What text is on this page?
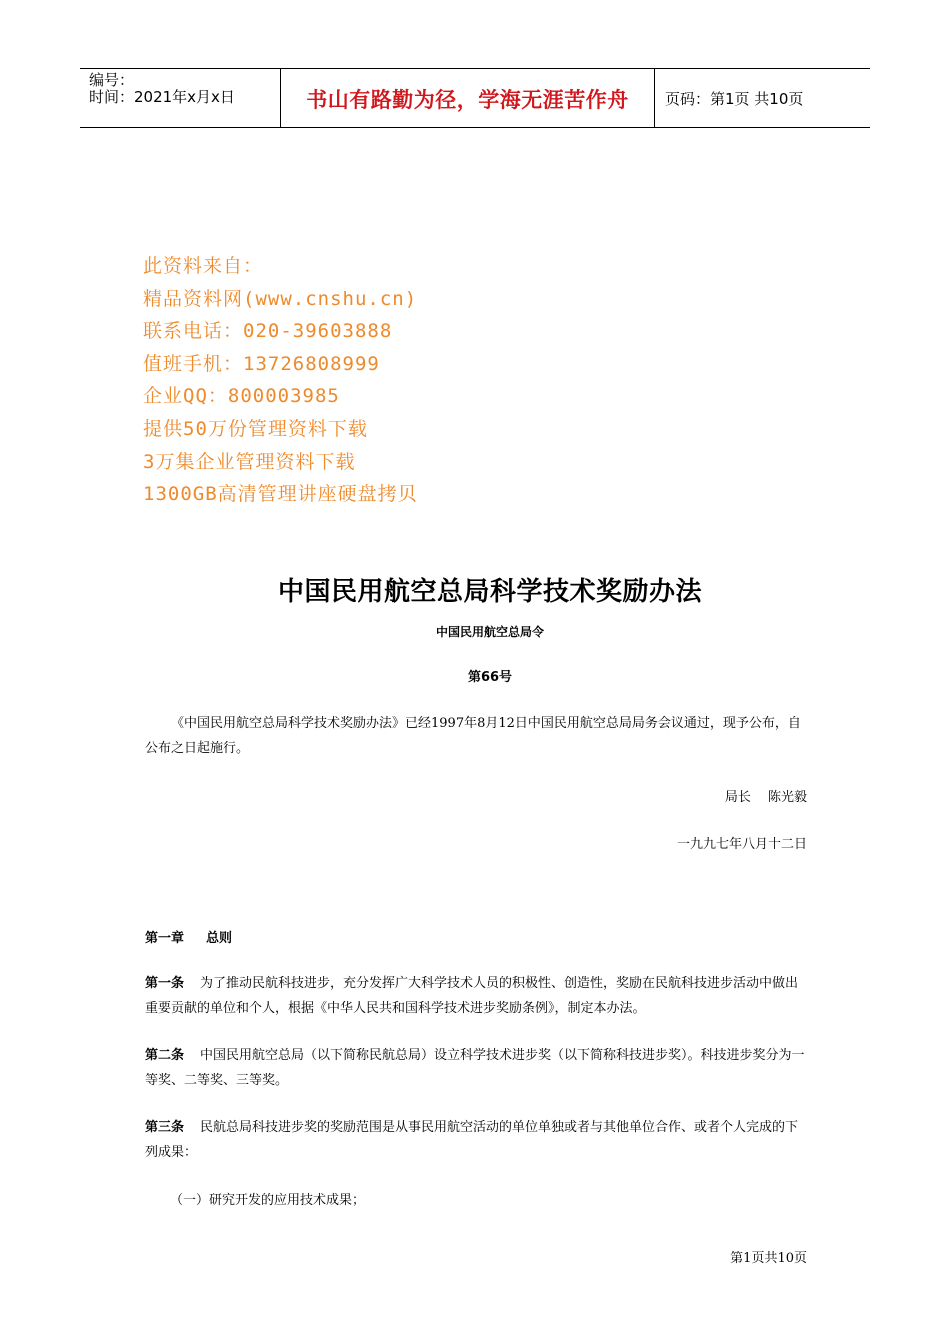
编号：
时间：2021年x月x日	书山有路勤为径，学海无涯苦作舟	页码：第1页 共10页
此资料来自：
精品资料网(www.cnshu.cn)
联系电话：020-39603888
值班手机：13726808999
企业QQ：800003985
提供50万份管理资料下载
3万集企业管理资料下载
1300GB高清管理讲座硬盘拷贝
中国民用航空总局科学技术奖励办法
中国民用航空总局令
第66号
《中国民用航空总局科学技术奖励办法》已经1997年8月12日中国民用航空总局局务会议通过，现予公布，自公布之日起施行。
局长　 陈光毅
一九九七年八月十二日
第一章 总则
第一条 为了推动民航科技进步，充分发挥广大科学技术人员的积极性、创造性，奖励在民航科技进步活动中做出重要贡献的单位和个人，根据《中华人民共和国科学技术进步奖励条例》，制定本办法。
第二条 中国民用航空总局（以下简称民航总局）设立科学技术进步奖（以下简称科技进步奖）。科技进步奖分为一等奖、二等奖、三等奖。
第三条 民航总局科技进步奖的奖励范围是从事民用航空活动的单位单独或者与其他单位合作、或者个人完成的下列成果：
（一）研究开发的应用技术成果；
第1页共10页
